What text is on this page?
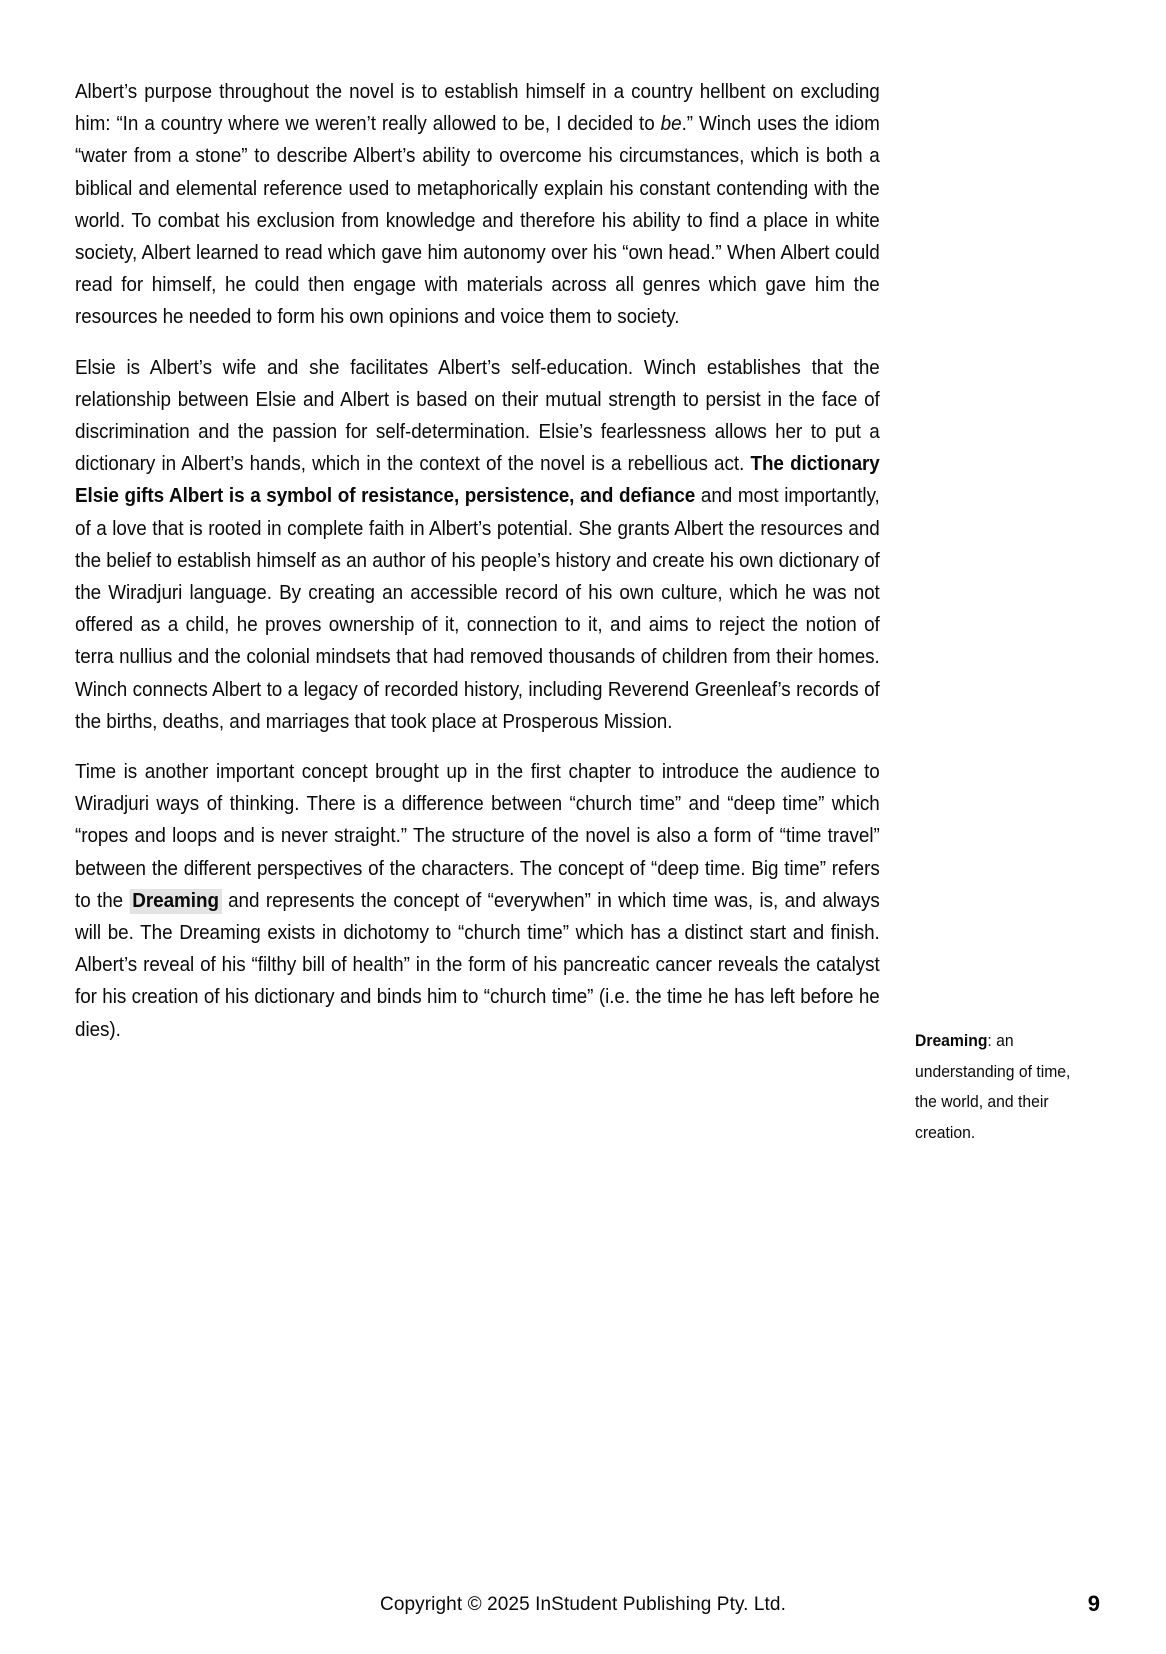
Albert’s purpose throughout the novel is to establish himself in a country hellbent on excluding him: “In a country where we weren’t really allowed to be, I decided to be.” Winch uses the idiom “water from a stone” to describe Albert’s ability to overcome his circumstances, which is both a biblical and elemental reference used to metaphorically explain his constant contending with the world. To combat his exclusion from knowledge and therefore his ability to find a place in white society, Albert learned to read which gave him autonomy over his “own head.” When Albert could read for himself, he could then engage with materials across all genres which gave him the resources he needed to form his own opinions and voice them to society.

Elsie is Albert’s wife and she facilitates Albert’s self-education. Winch establishes that the relationship between Elsie and Albert is based on their mutual strength to persist in the face of discrimination and the passion for self-determination. Elsie’s fearlessness allows her to put a dictionary in Albert’s hands, which in the context of the novel is a rebellious act. The dictionary Elsie gifts Albert is a symbol of resistance, persistence, and defiance and most importantly, of a love that is rooted in complete faith in Albert’s potential. She grants Albert the resources and the belief to establish himself as an author of his people’s history and create his own dictionary of the Wiradjuri language. By creating an accessible record of his own culture, which he was not offered as a child, he proves ownership of it, connection to it, and aims to reject the notion of terra nullius and the colonial mindsets that had removed thousands of children from their homes. Winch connects Albert to a legacy of recorded history, including Reverend Greenleaf’s records of the births, deaths, and marriages that took place at Prosperous Mission.

Time is another important concept brought up in the first chapter to introduce the audience to Wiradjuri ways of thinking. There is a difference between “church time” and “deep time” which “ropes and loops and is never straight.” The structure of the novel is also a form of “time travel” between the different perspectives of the characters. The concept of “deep time. Big time” refers to the Dreaming and represents the concept of “everywhen” in which time was, is, and always will be. The Dreaming exists in dichotomy to “church time” which has a distinct start and finish. Albert’s reveal of his “filthy bill of health” in the form of his pancreatic cancer reveals the catalyst for his creation of his dictionary and binds him to “church time” (i.e. the time he has left before he dies).

Dreaming: an understanding of time, the world, and their creation.
Copyright © 2025 InStudent Publishing Pty. Ltd.	9
